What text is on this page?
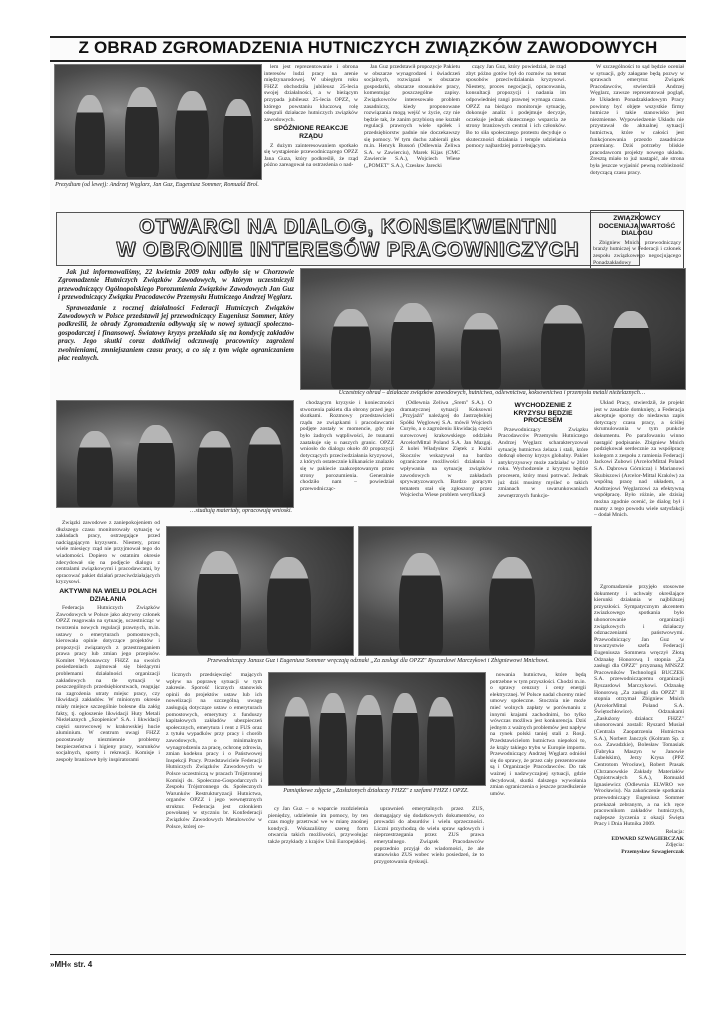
Z OBRAD ZGROMADZENIA HUTNICZYCH ZWIĄZKÓW ZAWODOWYCH
Prezydium (od lewej): Andrzej Węglarz, Jan Guz, Eugeniusz Sommer, Romuald Brol.

lem jest reprezentowanie i obrona interesów ludzi pracy na arenie międzynarodowej. W ubiegłym roku FHZZ obchodziła jubileusz 25-lecia swojej działalności, a w bieżącym przypada jubileusz 25-lecia OPZZ, w którego powstaniu kluczową rolę odegrali działacze hutniczych związków zawodowych.

SPÓŹNIONE REAKCJE RZĄDU

Z dużym zainteresowaniem spotkało się wystąpienie przewodniczącego OPZZ Jana Guza, który podkreślił, że rząd późno zareagował na ostrzeżenia o nad-

Jan Guz przedstawił propozycje Pakietu w obszarze wynagrodzeń i świadczeń socjalnych, rozwiązań w obszarze gospodarki, obszarze stosunków pracy, komentując poszczególne zapisy. Związkowców interesowało problem zasadniczy, kiedy proponowane rozwiązania mogą wejść w życie, czy nie będzie tak, że zanim przybiorą one kształt regulacji prawnych wiele spółek i przedsiębiorstw padnie nie doczekawszy się pomocy. W tym duchu zabierali głos m.in. Henryk Bussoń (Odlewnia Żeliwa S.A. w Zawierciu), Marek Kijas (CMC Zawiercie S.A.), Wojciech Wiese („POMET" S.A.), Czesław Jarecki

czący Jan Guz, który powiedział, że rząd zbyt późno gotów był do rozmów na temat sposobów przeciwdziałania kryzysowi. Niestety, proces negocjacji, opracowania, konsultacji propozycji i nadania im odpowiedniej rangi prawnej wymaga czasu. OPZZ na bieżąco monitoruje sytuację, dokonuje analiz i podejmuje decyzje, oczekuje jednak skutecznego wsparcia ze strony branżowych central i ich członków. Bo to siła społecznego protestu decyduje o skuteczności działania i temple udzielania pomocy najbardziej potrzebującym.

W szczególności to sąd będzie oceniał w sytuacji, gdy załagane będą pozwy w sprawach emerytur. Związek Pracodawców, stwierdził Andrzej Węglarz, zawsze reprezentował pogląd, że Układem Ponadzakładowym Pracy powinny być objęte wszystkie firmy hutnicze i takie stanowisko jest niezmienne. Wypowiedzenie Układu nie przystawał do aktualnej sytuacji hutnictwa, które w całości jest funkcjonowania przezdo zasadnicze przemiany. Dziś potrzeby bliskie pracodawcom projekty nowego układu. Zresztą miało to już nastąpić, ale strona była jeszcze wyjaśnić pewną rozbieżność dotyczącą czasu pracy.

OTWARCI NA DIALOG, KONSEKWENTNI
W OBRONIE INTERESÓW PRACOWNICZYCH
ZWIĄZKOWCY DOCENIAJĄ WARTOŚĆ DIALOGU

Zbigniew Mnich, przewodniczący branży hutniczej w Federacji i członek zespołu związkowego negocjującego Ponadzakładowy

Jak już informowaliśmy, 22 kwietnia 2009 toku odbyło się w Chorzowie Zgromadzenie Hutniczych Związków Zawodowych, w którym uczestniczyli przewodniczący Ogólnopolskiego Porozumienia Związków Zawodowych Jan Guz i przewodniczący Związku Pracodawców Przemysłu Hutniczego Andrzej Węglarz.

Sprawozdanie z rocznej działalności Federacji Hutniczych Związków Zawodowych w Polsce przedstawił jej przewodniczący Eugeniusz Sommer, który podkreślił, że obrady Zgromadzenia odbywają się w nowej sytuacji społeczno-gospodarczej i finansowej. Światowy kryzys przekłada się na kondycję zakładów pracy. Jego skutki coraz dotkliwiej odczuwają pracownicy zagrożeni zwolnieniami, zmniejszaniem czasu pracy, a co się z tym wiąże ograniczaniem płac realnych.

Uczestnicy obrad – działacze związków zawodowych, hutnictwa, odlewnictwa, koksownictwa i przemysłu metali nieżelaznych…
…studiują materiały, opracowują wnioski.

chodzącym kryzysie i konieczności stworzenia pakietu dla obrony przed jego skutkami. Rozmowy przedstawicieli rządu ze związkami i pracodawcami podjęte zostały w momencie, gdy nie było żadnych wątpliwości, że tsunami zaatakuje się u naszych granic. OPZZ wniosło do dialogu około 40 propozycji dotyczących przeciwdziałania kryzysowi, z których ostatecznie kilkanaście znalazło się w pakiecie zaakceptowanym przez strony porozumienia. Generalnie chodziło nam – powiedział przewodnicząc-

(Odlewnia Żeliwa „Śrem" S.A.). O dramatycznej sytuacji Koksowni „Przyjaźń" należącej do Jastrzębskiej Spółki Węglowej S.A. mówił Wojciech Curyło, a o zagrożeniu likwidacją części surowcowej krakowskiego oddziału ArcelorMittal Poland S.A. Jan Mazgaj. Z kolei Władysław Ziętek z Kuźni Skoczów wskazywał na bardzo ograniczone możliwości działania i wpływania na sytuację związków zawodowych w zakładach sprywatyzowanych. Bardzo gorącym tematem stał się zgłoszony przez Wojciecha Wiese problem weryfikacji

WYCHODZENIE Z KRYZYSU BĘDZIE PROCESEM

Przewodniczący Związku Pracodawców Przemysłu Hutniczego Andrzej Węglarz scharakteryzował sytuację hutnictwa żelaza i stali, które dotknął obecny kryzys globalny. Pakiet antykryzysowy może zadziałać w 2010 roku. Wychodzenie z kryzysu będzie procesem, który musi potrwać. Jednak już dziś musimy myśleć o takich zmianach w uwarunkowaniach zewnętrznych funkcjo-

Układ Pracy, stwierdził, że projekt jest w zasadzie domknięty, a Federacja akceptuje sporny do niedawna zapis dotyczący czasu pracy, a ściślej skrumulowania w tym punkcie dokumentu. Po parafowaniu winno nastąpić podpisanie. Zbigniew Mnich podziękował serdecznie za współpracę kolegom z zespołu z ramienia Federacji Jackowi Zubowi (ArcelorMittal Poland S.A. Dąbrowa Górnicza) i Marianowi Skubiszowi (Arcelor-Mittal Kraków) za wspólną pracę nad układem, a Andrzejowi Węglarzowi za efektywną współpracę. Było różnie, ale dzisiaj można zgodnie ocenić, że dialog był i mamy z tego powodu wiele satysfakcji – dodał Mnich.

Przewodniczący Janusz Guz i Eugeniusz Sommer wręczają odznaki „Za zasługi dla OPZZ" Ryszardowi Marczykowi i Zbigniewowi Mnichowi.

Związki zawodowe z zaniepokojeniem od dłuższego czasu monitorowały sytuację w zakładach pracy, ostrzegające przed nadciągającym kryzysem. Niestety, przez wiele miesięcy rząd nie przyjmował tego do wiadomości. Dopiero w ostatnim okresie zdecydował się na podjęcie dialogu z centralami związkowymi i pracodawcami, by opracować pakiet działań przeciwdziałających kryzysowi.

AKTYWNI NA WIELU POLACH DZIAŁANIA

Federacja Hutniczych Związków Zawodowych w Polsce jako aktywny członek OPZZ reagowała na sytuację, uczestnicząc w tworzeniu nowych regulacji prawnych, m.in. ustawy o emeryturach pomostowych, kierowała opinie dotyczące projektów i propozycji związanych z przestrzeganiem prawa pracy lub zmian jego przepisów. Komitet Wykonawczy FHZZ na swoich posiedzeniach zajmował się bieżącymi problemami działalności organizacji zakładowych na tle sytuacji w poszczególnych przedsiębiorstwach, reagując na zagrożenia utraty miejsc pracy, czy likwidacji zakładów. W minionym okresie miały miejsce szczególnie bolesne dla załóg fakty, tj. ogłoszenie likwidacji Huty Metali Nieżelaznych „Szopienice" S.A. i likwidacji części surowcowej w krakowskiej hucie aluminium. W centrum uwagi FHZZ pozostawały niezmiennie problemy bezpieczeństwa i higieny pracy, warunków socjalnych, sporty i rekreacji. Komisje i zespoły branżowe były inspiratorami

licznych przedsięwzięć mających wpływ na poprawę sytuacji w tym zakresie. Sporość licznych stanowisk opinii do projektów ustaw lub ich nowelizacji na szczególną uwagę zasługują dotyczące ustaw o emeryturach pomostowych, emerytury z funduszy kapitałowych zakładów ubezpieczeń społecznych, emerytura i rent z FUS oraz z tytułu wypadków przy pracy i chorób zawodowych, o minimalnym wynagrodzeniu za pracę, ochronę zdrowia, zmian kodeksu pracy i o Państwowej Inspekcji Pracy. Przedstawiciele Federacji Hutniczych Związków Zawodowych w Polsce uczestniczą w pracach Trójstronnej Komisji ds. Społeczno-Gospodarczych i Zespołu Trójstronnego ds. Społecznych Warunków Restrukturyzacji Hutnictwa, organów OPZZ i jego wewnętrznych struktur. Federacja jest członkiem powołanej w styczniu br. Konfederacji Związków Zawodowych Metalowców w Polsce, której ce-

Pamiątkowe zdjęcie „Zasłużonych działaczy FHZZ" z szefami FHZZ i OPZZ.

cy Jan Guz – o wsparcie rozdzielenia pieniędzy, udzielenie im pomocy, by ten czas mogły przetrwać we w miarę znośnej kondycji. Wskazaliśmy szereg form otwarcia takich możliwości, przywołując także przykłady z krajów Unii Europejskiej.

uprawnień emerytalnych przez ZUS, domagający się dodatkowych dokumentów, co prowadzi do absurdów i wielu sprzeczności. Liczni przychodzą do wielu spraw sądowych i nieprzestrzegania przez ZUS prawa emerytalnego. Związek Pracodawców poprzednio przyjął do wiadomości, że ale stanowisko ZUS wobec wielu posiedzeń, że to przygotowania dyskusji.

nowania hutnictwa, które będą potrzebne w tym przyszłości. Chodzi m.in. o sprawy cenzury i ceny energii elektrycznej. W Polsce nadal chcemy mieć umowy społeczne. Stocznia nie może mieć wolnych zapłaty w porównaniu z innymi krajami zachodnimi, bo tylko wówczas możliwa jest konkurencja. Dziś jednym z ważnych problemów jest napływ na rynek polski taniej stali z Rosji. Przedstawicielom hutnictwa niepokoi to, że krąży takiego trybu w Europie importu. Przewodniczący Andrzej Węglarz odniósł się do sprawy, że przez cały prezentowane są i Organizacje Pracodawców. Do tak ważnej i nadzwyczajnej sytuacji, gdzie decydował, skutki dalszego wywołania zmian ograniczenia o jeszcze przedłużenie umów.

Zgromadzenie przyjęło stosowne dokumenty i uchwały określające kierunki działania w najbliższej przyszłości. Sympatycznym akcentem zwiazkowego spotkania było uhonorowanie organizacji związkowych i działaczy odznaczeniami państwowymi. Przewodniczący Jan Guz w towarzystwie szefa Federacji Eugeniusza Sommera wręczył Złotą Odznakę Honorową I stopnia „Za zasługi dla OPZZ" przyznaną MNSZZ Pracowników Technologii BUCZEK S.A. przewodniczącemu organizacji Ryszardowi Marczykowi. Odznakę Honorową „Za zasługi dla OPZZ" II stopnia otrzymał Zbigniew Mnich (ArcelorMittal Poland S.A. Świętochłowice). Odznakami „Zasłużony działacz FHZZ" uhonorowani zostali: Ryszard Musiał (Centrala Zaopatrzenia Hutnictwa S.A.), Norbert Janczyk (Koltram Sp. z o.o. Zawadzkie), Bolesław Tomasiak (Fabryka Maszyn w Janowie Lubelskim), Jerzy Krysa (PPZ Centrotom Wrocław), Robert Prasak (Chrzanowskie Zakłady Materiałów Ogniotrwałych S.A.), Romuald Ignasiewicz (Odlewnia ELWRO we Wrocławiu). Na zakończenie spotkania przewodniczący Eugeniusz Sommer przekazał zebranym, a na ich ręce pracownikom zakładów hutniczych, najlepsze życzenia z okazji Święta Pracy i Dnia Hutnika 2009.

Relacja:
EDWARD SZWAGIERCZAK
Zdjęcia:
Przemysław Szwagierczak
»MH« str. 4
